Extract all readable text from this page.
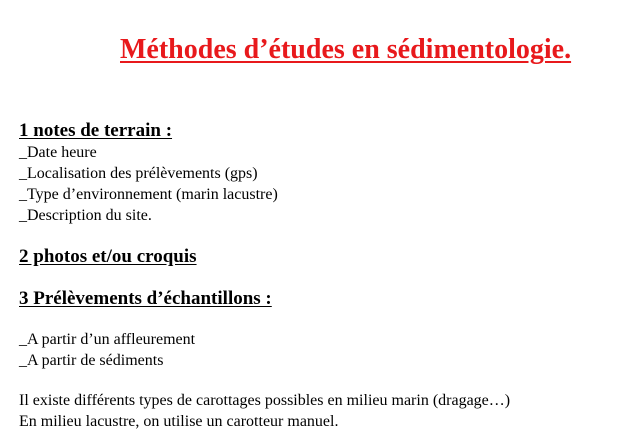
Méthodes d’études en sédimentologie.
1 notes de terrain :
_Date heure
_Localisation des prélèvements (gps)
_Type d’environnement (marin lacustre)
_Description du site.
2 photos et/ou croquis
3 Prélèvements d’échantillons :
_A partir d’un affleurement
_A partir de sédiments
Il existe différents types de carottages possibles en milieu marin (dragage…)
En milieu lacustre, on utilise un carotteur manuel.
